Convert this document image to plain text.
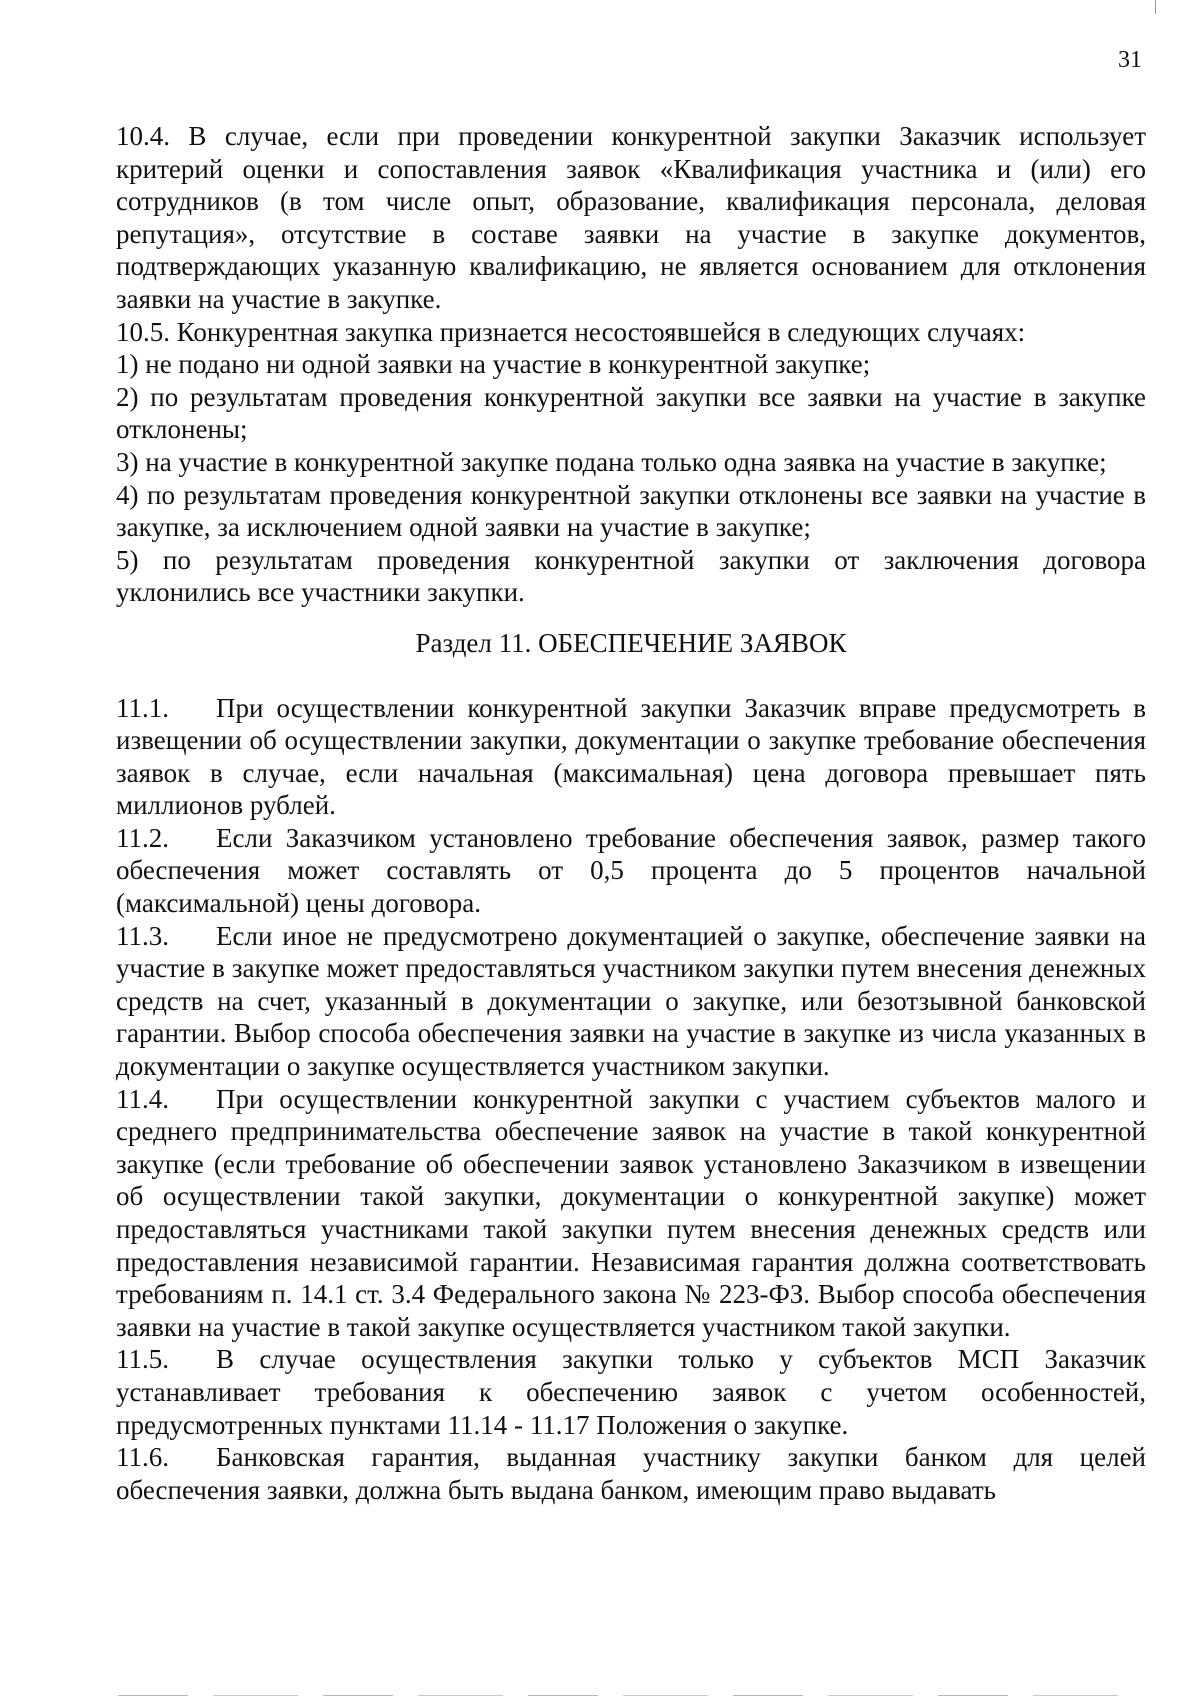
31

10.4. В случае, если при проведении конкурентной закупки Заказчик использует критерий оценки и сопоставления заявок «Квалификация участника и (или) его сотрудников (в том числе опыт, образование, квалификация персонала, деловая репутация», отсутствие в составе заявки на участие в закупке документов, подтверждающих указанную квалификацию, не является основанием для отклонения заявки на участие в закупке.

10.5. Конкурентная закупка признается несостоявшейся в следующих случаях:

1) не подано ни одной заявки на участие в конкурентной закупке;

2) по результатам проведения конкурентной закупки все заявки на участие в закупке отклонены;

3) на участие в конкурентной закупке подана только одна заявка на участие в закупке;

4) по результатам проведения конкурентной закупки отклонены все заявки на участие в закупке, за исключением одной заявки на участие в закупке;

5) по результатам проведения конкурентной закупки от заключения договора уклонились все участники закупки.

Раздел 11. ОБЕСПЕЧЕНИЕ ЗАЯВОК

11.1. При осуществлении конкурентной закупки Заказчик вправе предусмотреть в извещении об осуществлении закупки, документации о закупке требование обеспечения заявок в случае, если начальная (максимальная) цена договора превышает пять миллионов рублей.

11.2. Если Заказчиком установлено требование обеспечения заявок, размер такого обеспечения может составлять от 0,5 процента до 5 процентов начальной (максимальной) цены договора.

11.3. Если иное не предусмотрено документацией о закупке, обеспечение заявки на участие в закупке может предоставляться участником закупки путем внесения денежных средств на счет, указанный в документации о закупке, или безотзывной банковской гарантии. Выбор способа обеспечения заявки на участие в закупке из числа указанных в документации о закупке осуществляется участником закупки.

11.4. При осуществлении конкурентной закупки с участием субъектов малого и среднего предпринимательства обеспечение заявок на участие в такой конкурентной закупке (если требование об обеспечении заявок установлено Заказчиком в извещении об осуществлении такой закупки, документации о конкурентной закупке) может предоставляться участниками такой закупки путем внесения денежных средств или предоставления независимой гарантии. Независимая гарантия должна соответствовать требованиям п. 14.1 ст. 3.4 Федерального закона № 223-ФЗ. Выбор способа обеспечения заявки на участие в такой закупке осуществляется участником такой закупки.

11.5. В случае осуществления закупки только у субъектов МСП Заказчик устанавливает требования к обеспечению заявок с учетом особенностей, предусмотренных пунктами 11.14 - 11.17 Положения о закупке.

11.6. Банковская гарантия, выданная участнику закупки банком для целей обеспечения заявки, должна быть выдана банком, имеющим право выдавать
